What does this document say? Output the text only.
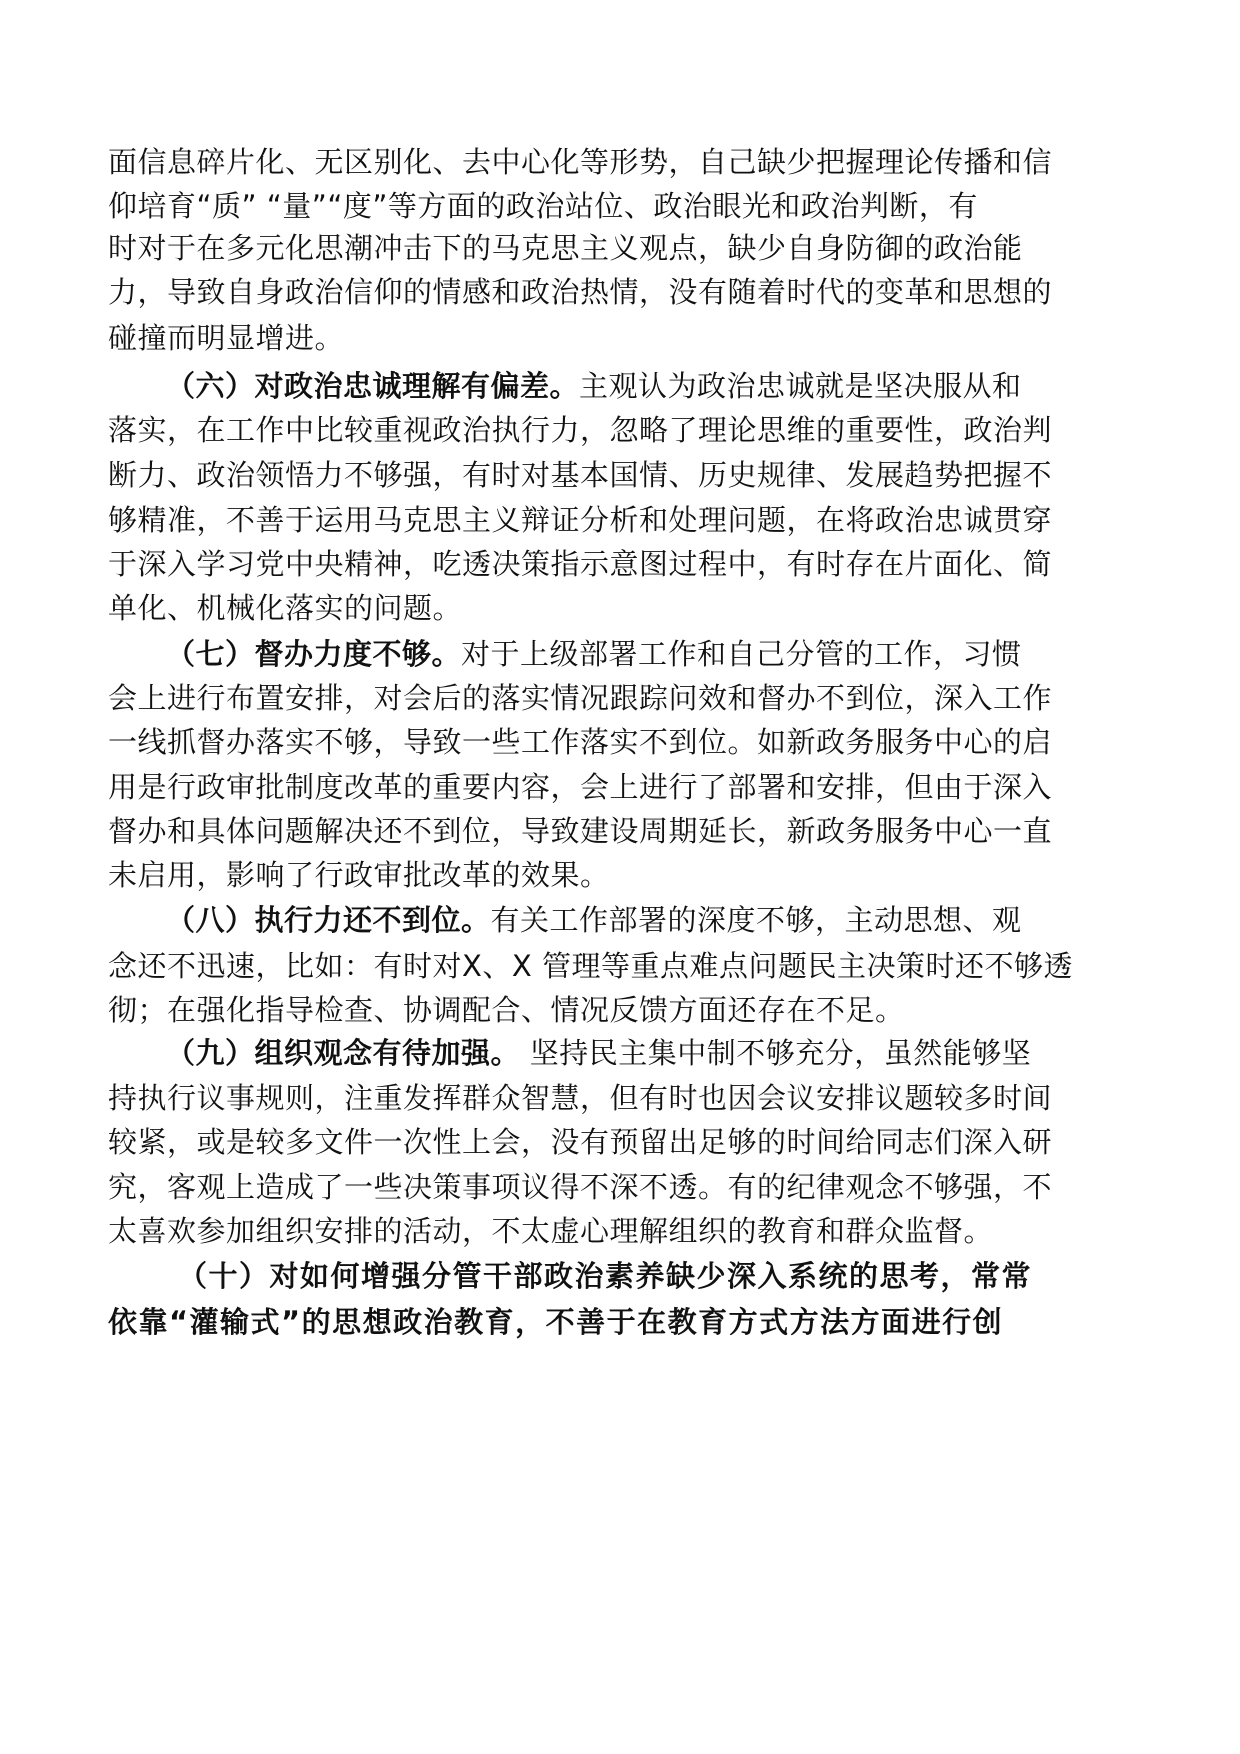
面信息碎片化、无区别化、去中心化等形势，自己缺少把握理论传播和信
仰培育“质” “量”“度”等方面的政治站位、政治眼光和政治判断，有
时对于在多元化思潮冲击下的马克思主义观点，缺少自身防御的政治能
力，导致自身政治信仰的情感和政治热情，没有随着时代的变革和思想的
碰撞而明显增进。
（六）对政治忠诚理解有偏差。主观认为政治忠诚就是坚决服从和
落实，在工作中比较重视政治执行力，忽略了理论思维的重要性，政治判
断力、政治领悟力不够强，有时对基本国情、历史规律、发展趋势把握不
够精准，不善于运用马克思主义辩证分析和处理问题，在将政治忠诚贯穿
于深入学习党中央精神，吃透决策指示意图过程中，有时存在片面化、简
单化、机械化落实的问题。
（七）督办力度不够。对于上级部署工作和自己分管的工作，习惯
会上进行布置安排，对会后的落实情况跟踪问效和督办不到位，深入工作
一线抓督办落实不够，导致一些工作落实不到位。如新政务服务中心的启
用是行政审批制度改革的重要内容，会上进行了部署和安排，但由于深入
督办和具体问题解决还不到位，导致建设周期延长，新政务服务中心一直
未启用，影响了行政审批改革的效果。
（八）执行力还不到位。有关工作部署的深度不够，主动思想、观
念还不迅速，比如：有时对X、X 管理等重点难点问题民主决策时还不够透
彻；在强化指导检查、协调配合、情况反馈方面还存在不足。
（九）组织观念有待加强。 坚持民主集中制不够充分，虽然能够坚
持执行议事规则，注重发挥群众智慧，但有时也因会议安排议题较多时间
较紧，或是较多文件一次性上会，没有预留出足够的时间给同志们深入研
究，客观上造成了一些决策事项议得不深不透。有的纪律观念不够强，不
太喜欢参加组织安排的活动，不太虚心理解组织的教育和群众监督。
（十）对如何增强分管干部政治素养缺少深入系统的思考，常常
依靠“灌输式”的思想政治教育，不善于在教育方式方法方面进行创
